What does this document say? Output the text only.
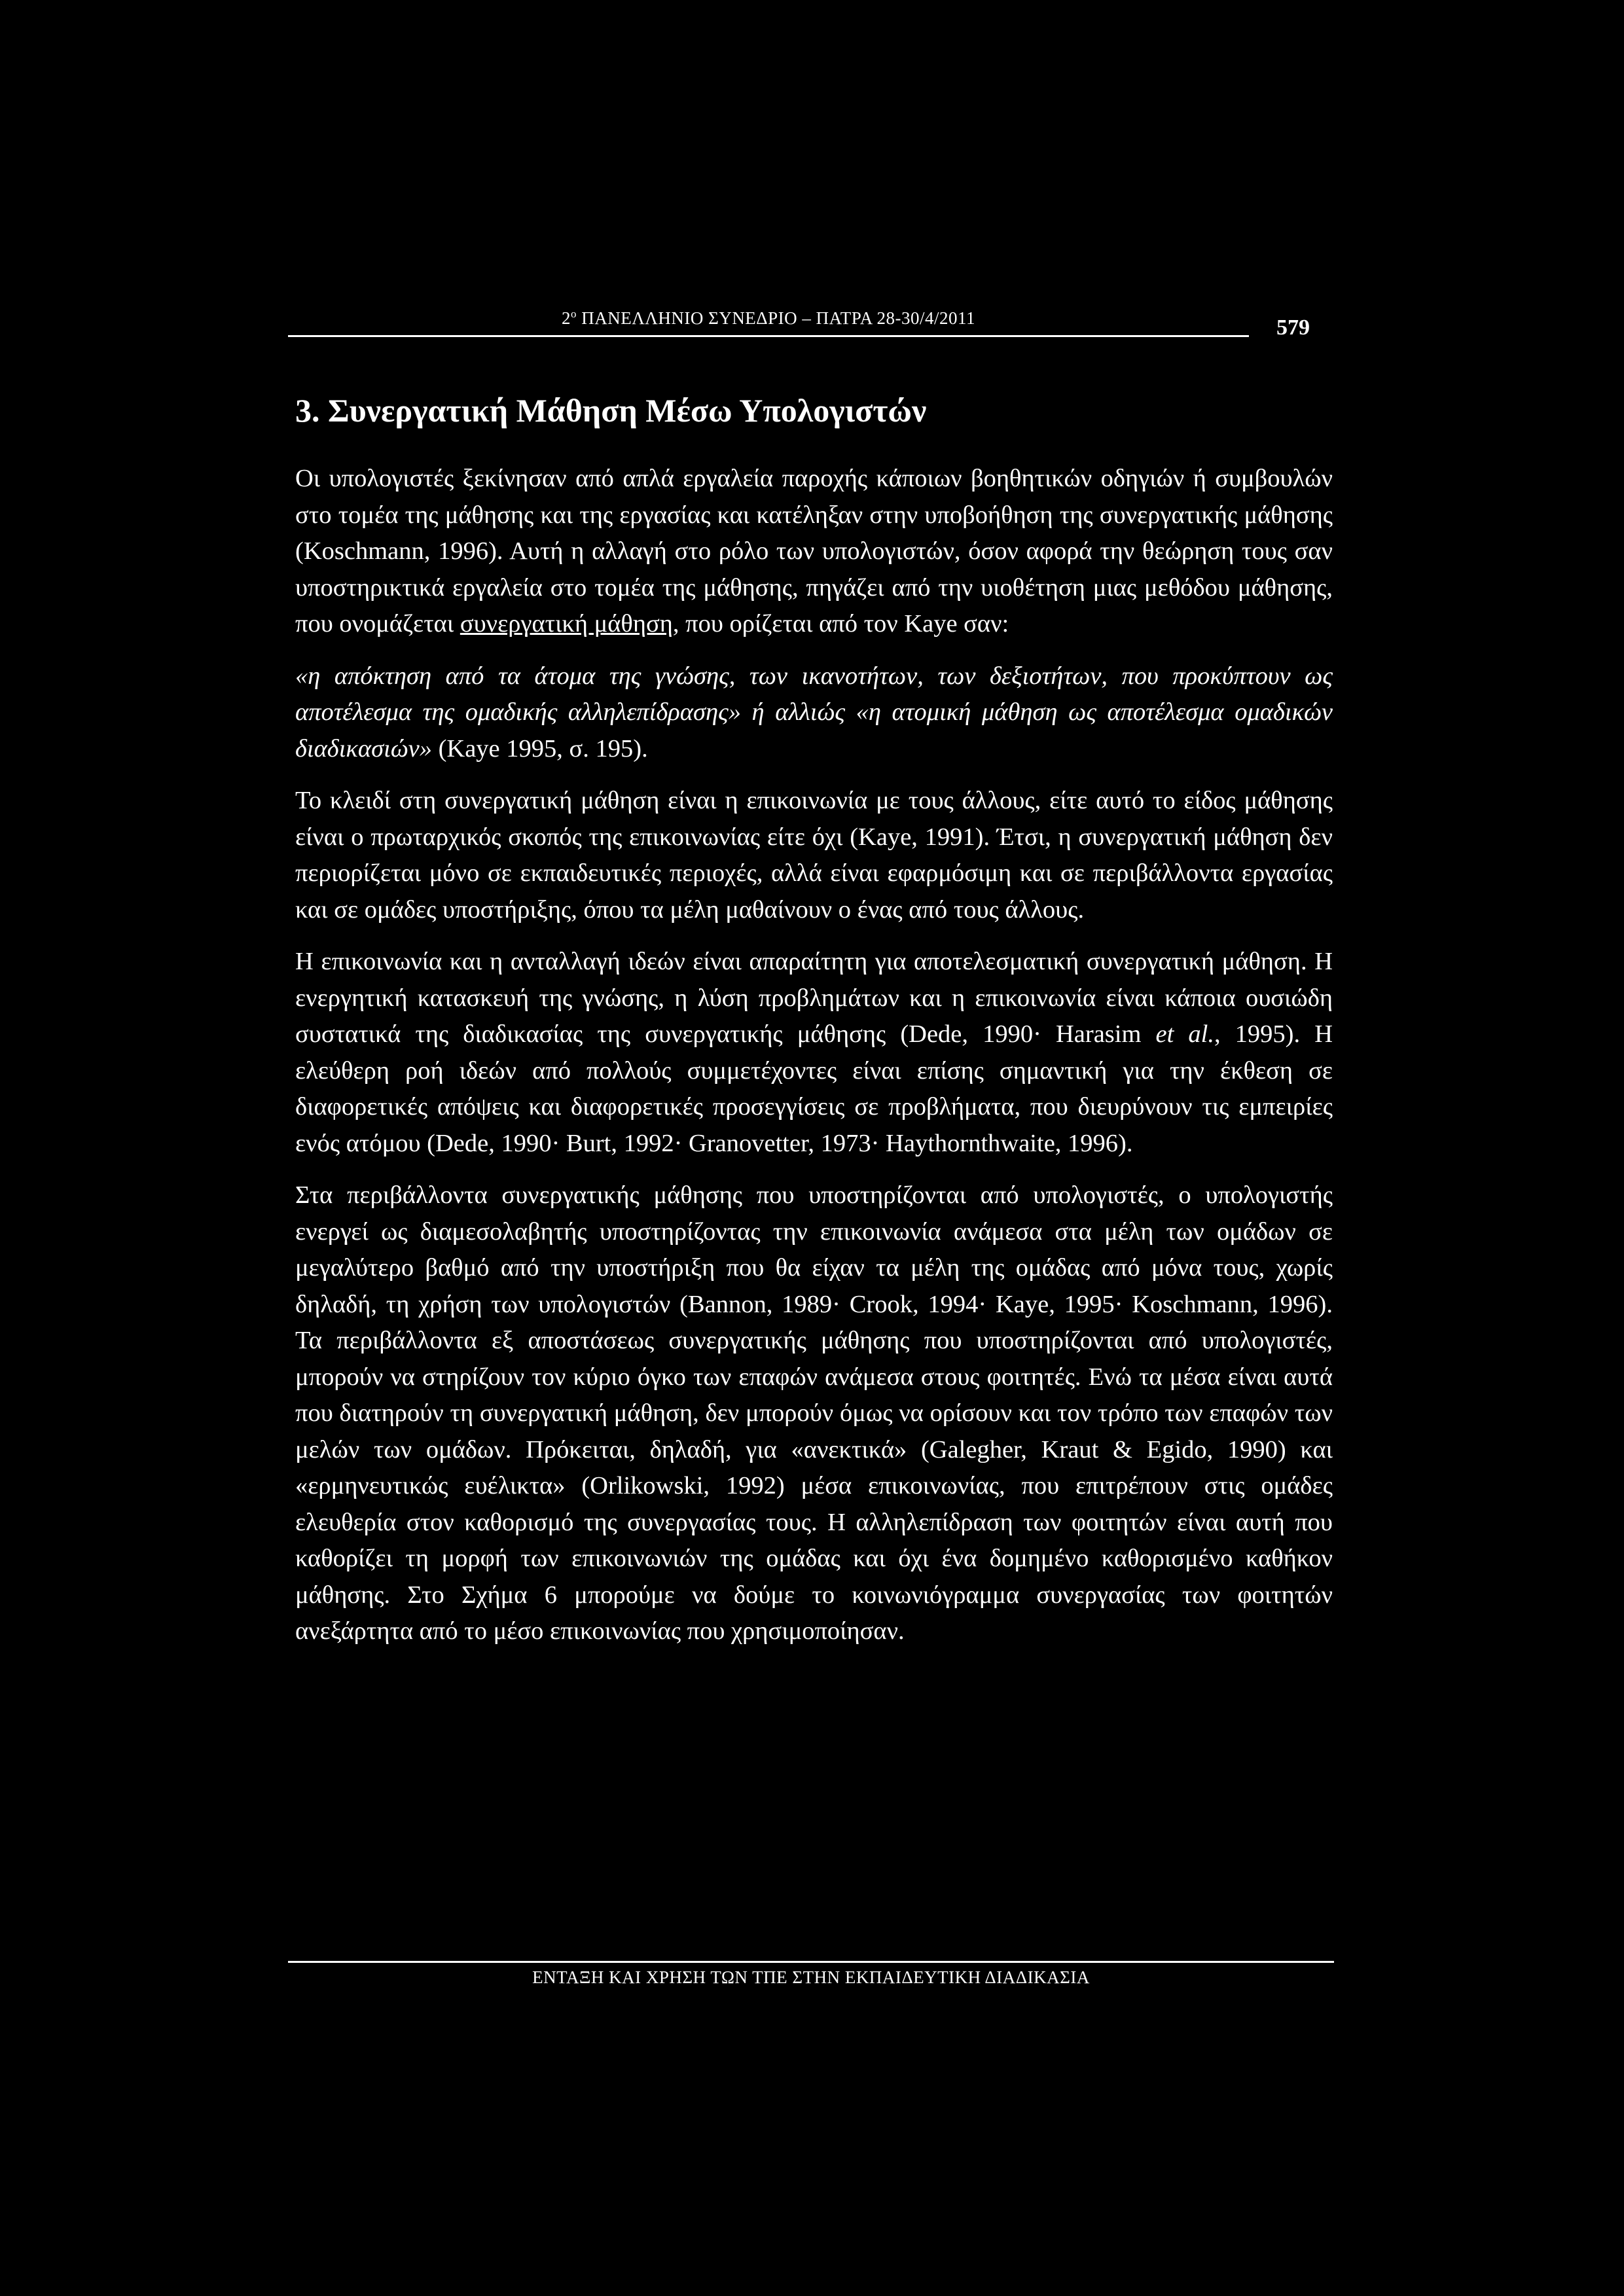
$2^o$ ΠΑΝΕΛΛΗΝΙΟ ΣΥΝΕΔΡΙΟ – ΠΑΤΡΑ 28-30/4/2011	579
3. Συνεργατική Μάθηση Μέσω Υπολογιστών

Οι υπολογιστές ξεκίνησαν από απλά εργαλεία παροχής κάποιων βοηθητικών οδηγιών ή συμβουλών στο τομέα της μάθησης και της εργασίας και κατέληξαν στην υποβοήθηση της συνεργατικής μάθησης (Koschmann, 1996). Αυτή η αλλαγή στο ρόλο των υπολογιστών, όσον αφορά την θεώρηση τους σαν υποστηρικτικά εργαλεία στο τομέα της μάθησης, πηγάζει από την υιοθέτηση μιας μεθόδου μάθησης, που ονομάζεται συνεργατική μάθηση, που ορίζεται από τον Kaye σαν:

«η απόκτηση από τα άτομα της γνώσης, των ικανοτήτων, των δεξιοτήτων, που προκύπτουν ως αποτέλεσμα της ομαδικής αλληλεπίδρασης» ή αλλιώς «η ατομική μάθηση ως αποτέλεσμα ομαδικών διαδικασιών» (Kaye 1995, σ. 195).

Το κλειδί στη συνεργατική μάθηση είναι η επικοινωνία με τους άλλους, είτε αυτό το είδος μάθησης είναι ο πρωταρχικός σκοπός της επικοινωνίας είτε όχι (Kaye, 1991). Έτσι, η συνεργατική μάθηση δεν περιορίζεται μόνο σε εκπαιδευτικές περιοχές, αλλά είναι εφαρμόσιμη και σε περιβάλλοντα εργασίας και σε ομάδες υποστήριξης, όπου τα μέλη μαθαίνουν ο ένας από τους άλλους.

Η επικοινωνία και η ανταλλαγή ιδεών είναι απαραίτητη για αποτελεσματική συνεργατική μάθηση. Η ενεργητική κατασκευή της γνώσης, η λύση προβλημάτων και η επικοινωνία είναι κάποια ουσιώδη συστατικά της διαδικασίας της συνεργατικής μάθησης (Dede, 1990· Harasim et al., 1995). Η ελεύθερη ροή ιδεών από πολλούς συμμετέχοντες είναι επίσης σημαντική για την έκθεση σε διαφορετικές απόψεις και διαφορετικές προσεγγίσεις σε προβλήματα, που διευρύνουν τις εμπειρίες ενός ατόμου (Dede, 1990· Burt, 1992· Granovetter, 1973· Haythornthwaite, 1996).

Στα περιβάλλοντα συνεργατικής μάθησης που υποστηρίζονται από υπολογιστές, ο υπολογιστής ενεργεί ως διαμεσολαβητής υποστηρίζοντας την επικοινωνία ανάμεσα στα μέλη των ομάδων σε μεγαλύτερο βαθμό από την υποστήριξη που θα είχαν τα μέλη της ομάδας από μόνα τους, χωρίς δηλαδή, τη χρήση των υπολογιστών (Bannon, 1989· Crook, 1994· Kaye, 1995· Koschmann, 1996). Τα περιβάλλοντα εξ αποστάσεως συνεργατικής μάθησης που υποστηρίζονται από υπολογιστές, μπορούν να στηρίζουν τον κύριο όγκο των επαφών ανάμεσα στους φοιτητές. Ενώ τα μέσα είναι αυτά που διατηρούν τη συνεργατική μάθηση, δεν μπορούν όμως να ορίσουν και τον τρόπο των επαφών των μελών των ομάδων. Πρόκειται, δηλαδή, για «ανεκτικά» (Galegher, Kraut & Egido, 1990) και «ερμηνευτικώς ευέλικτα» (Orlikowski, 1992) μέσα επικοινωνίας, που επιτρέπουν στις ομάδες ελευθερία στον καθορισμό της συνεργασίας τους. Η αλληλεπίδραση των φοιτητών είναι αυτή που καθορίζει τη μορφή των επικοινωνιών της ομάδας και όχι ένα δομημένο καθορισμένο καθήκον μάθησης. Στο Σχήμα 6 μπορούμε να δούμε το κοινωνιόγραμμα συνεργασίας των φοιτητών ανεξάρτητα από το μέσο επικοινωνίας που χρησιμοποίησαν.

ΕΝΤΑΞΗ ΚΑΙ ΧΡΗΣΗ ΤΩΝ ΤΠΕ ΣΤΗΝ ΕΚΠΑΙΔΕΥΤΙΚΗ ΔΙΑΔΙΚΑΣΙΑ
